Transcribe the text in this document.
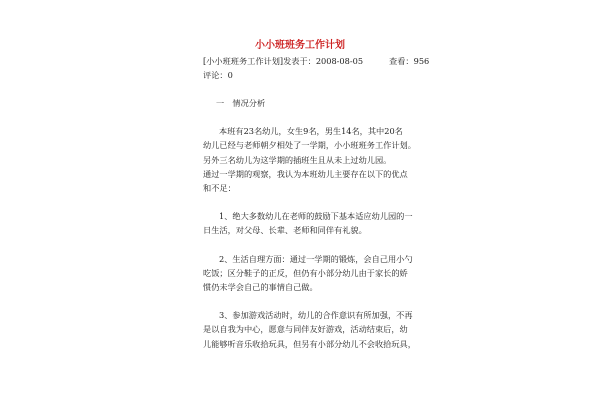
小小班班务工作计划
[小小班班务工作计划]发表于：2008-08-05	查看：956
评论：0
一　情况分析
本班有23名幼儿，女生9名，男生14名，其中20名
幼儿已经与老师朝夕相处了一学期，小小班班务工作计划。
另外三名幼儿为这学期的插班生且从未上过幼儿园。
通过一学期的观察，我认为本班幼儿主要存在以下的优点
和不足：
1、绝大多数幼儿在老师的鼓励下基本适应幼儿园的一
日生活，对父母、长辈、老师和同伴有礼貌。
2、生活自理方面：通过一学期的锻炼，会自己用小勺
吃饭；区分鞋子的正反，但仍有小部分幼儿由于家长的娇
惯仍未学会自己的事情自己做。
3、参加游戏活动时，幼儿的合作意识有所加强，不再
是以自我为中心，愿意与同伴友好游戏，活动结束后，幼
儿能够听音乐收拾玩具，但另有小部分幼儿不会收拾玩具，
